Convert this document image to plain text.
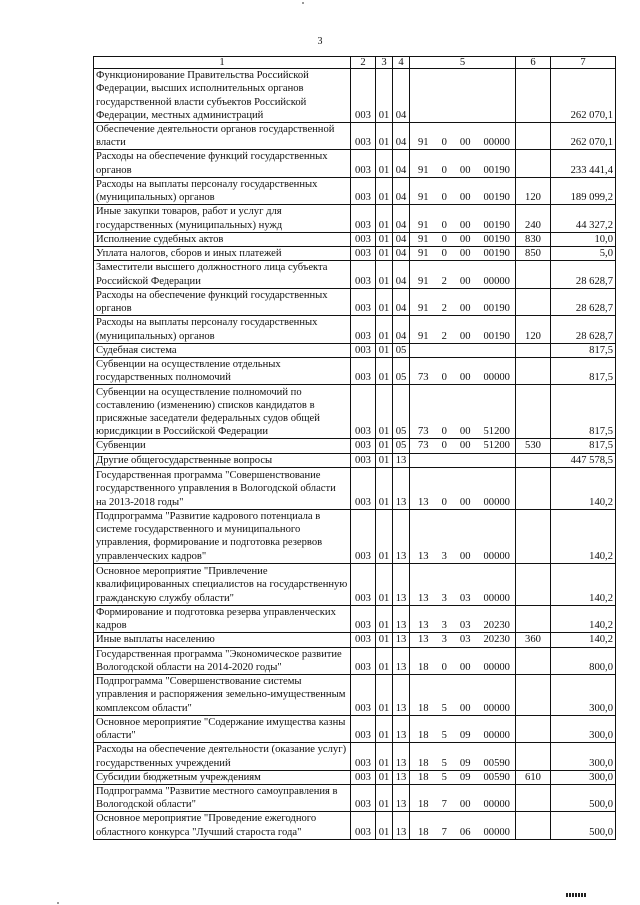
3
1	2	3	4	5	6	7
Функционирование Правительства Российской Федерации, высших исполнительных органов государственной власти субъектов Российской Федерации, местных администраций	003	01	04			262 070,1
Обеспечение деятельности органов государственной власти	003	01	04	91 0 00 00000		262 070,1
Расходы на обеспечение функций государственных органов	003	01	04	91 0 00 00190		233 441,4
Расходы на выплаты персоналу государственных (муниципальных) органов	003	01	04	91 0 00 00190	120	189 099,2
Иные закупки товаров, работ и услуг для государственных (муниципальных) нужд	003	01	04	91 0 00 00190	240	44 327,2
Исполнение судебных актов	003	01	04	91 0 00 00190	830	10,0
Уплата налогов, сборов и иных платежей	003	01	04	91 0 00 00190	850	5,0
Заместители высшего должностного лица субъекта Российской Федерации	003	01	04	91 2 00 00000		28 628,7
Расходы на обеспечение функций государственных органов	003	01	04	91 2 00 00190		28 628,7
Расходы на выплаты персоналу государственных (муниципальных) органов	003	01	04	91 2 00 00190	120	28 628,7
Судебная система	003	01	05			817,5
Субвенции на осуществление отдельных государственных полномочий	003	01	05	73 0 00 00000		817,5
Субвенции на осуществление полномочий по составлению (изменению) списков кандидатов в присяжные заседатели федеральных судов общей юрисдикции в Российской Федерации	003	01	05	73 0 00 51200		817,5
Субвенции	003	01	05	73 0 00 51200	530	817,5
Другие общегосударственные вопросы	003	01	13			447 578,5
Государственная программа "Совершенствование государственного управления в Вологодской области на 2013-2018 годы"	003	01	13	13 0 00 00000		140,2
Подпрограмма "Развитие кадрового потенциала в системе государственного и муниципального управления, формирование и подготовка резервов управленческих кадров"	003	01	13	13 3 00 00000		140,2
Основное мероприятие "Привлечение квалифицированных специалистов на государственную гражданскую службу области"	003	01	13	13 3 03 00000		140,2
Формирование и подготовка резерва управленческих кадров	003	01	13	13 3 03 20230		140,2
Иные выплаты населению	003	01	13	13 3 03 20230	360	140,2
Государственная программа "Экономическое развитие Вологодской области на 2014-2020 годы"	003	01	13	18 0 00 00000		800,0
Подпрограмма "Совершенствование системы управления и распоряжения земельно-имущественным комплексом области"	003	01	13	18 5 00 00000		300,0
Основное мероприятие "Содержание имущества казны области"	003	01	13	18 5 09 00000		300,0
Расходы на обеспечение деятельности (оказание услуг) государственных учреждений	003	01	13	18 5 09 00590		300,0
Субсидии бюджетным учреждениям	003	01	13	18 5 09 00590	610	300,0
Подпрограмма "Развитие местного самоуправления в Вологодской области"	003	01	13	18 7 00 00000		500,0
Основное мероприятие "Проведение ежегодного областного конкурса "Лучший староста года"	003	01	13	18 7 06 00000		500,0
